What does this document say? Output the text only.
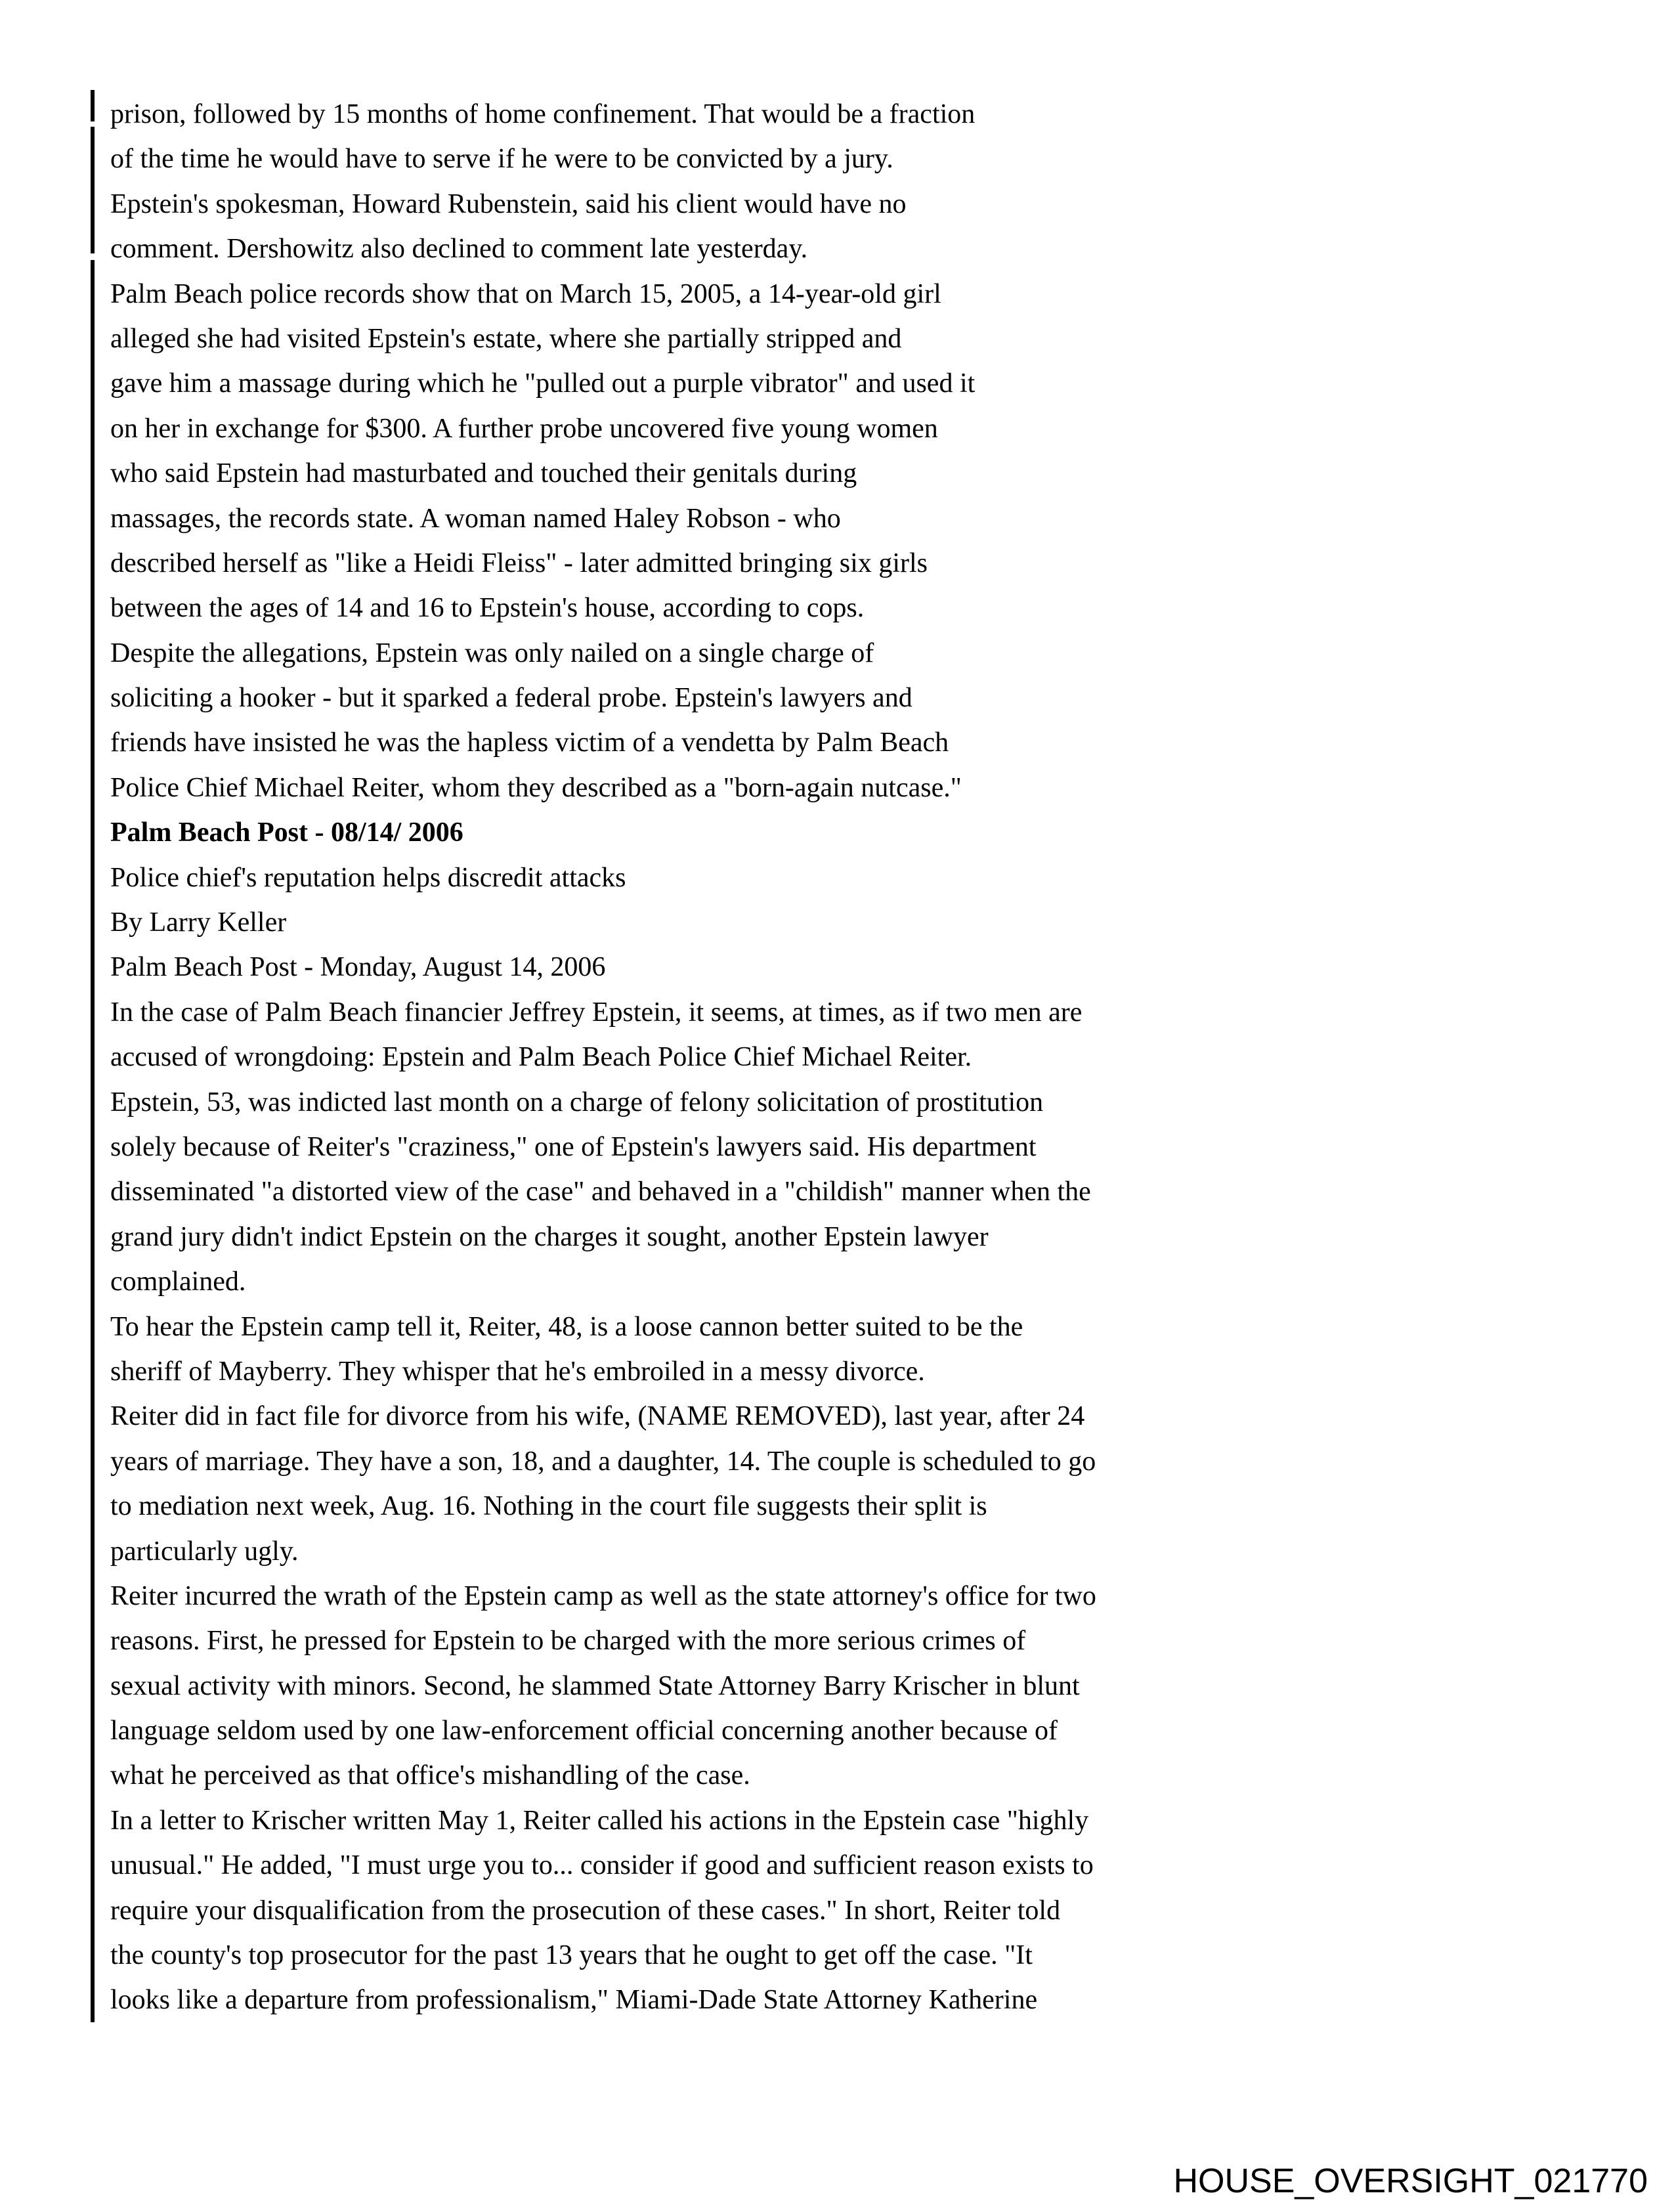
prison, followed by 15 months of home confinement. That would be a fraction
of the time he would have to serve if he were to be convicted by a jury.
Epstein's spokesman, Howard Rubenstein, said his client would have no
comment. Dershowitz also declined to comment late yesterday.
Palm Beach police records show that on March 15, 2005, a 14-year-old girl
alleged she had visited Epstein's estate, where she partially stripped and
gave him a massage during which he "pulled out a purple vibrator" and used it
on her in exchange for $300. A further probe uncovered five young women
who said Epstein had masturbated and touched their genitals during
massages, the records state. A woman named Haley Robson - who
described herself as "like a Heidi Fleiss" - later admitted bringing six girls
between the ages of 14 and 16 to Epstein's house, according to cops.
Despite the allegations, Epstein was only nailed on a single charge of
soliciting a hooker - but it sparked a federal probe. Epstein's lawyers and
friends have insisted he was the hapless victim of a vendetta by Palm Beach
Police Chief Michael Reiter, whom they described as a "born-again nutcase."
Palm Beach Post - 08/14/ 2006
Police chief's reputation helps discredit attacks
By Larry Keller
Palm Beach Post - Monday, August 14, 2006
In the case of Palm Beach financier Jeffrey Epstein, it seems, at times, as if two men are
accused of wrongdoing: Epstein and Palm Beach Police Chief Michael Reiter.
Epstein, 53, was indicted last month on a charge of felony solicitation of prostitution
solely because of Reiter's "craziness," one of Epstein's lawyers said. His department
disseminated "a distorted view of the case" and behaved in a "childish" manner when the
grand jury didn't indict Epstein on the charges it sought, another Epstein lawyer
complained.
To hear the Epstein camp tell it, Reiter, 48, is a loose cannon better suited to be the
sheriff of Mayberry. They whisper that he's embroiled in a messy divorce.
Reiter did in fact file for divorce from his wife, (NAME REMOVED), last year, after 24
years of marriage. They have a son, 18, and a daughter, 14. The couple is scheduled to go
to mediation next week, Aug. 16. Nothing in the court file suggests their split is
particularly ugly.
Reiter incurred the wrath of the Epstein camp as well as the state attorney's office for two
reasons. First, he pressed for Epstein to be charged with the more serious crimes of
sexual activity with minors. Second, he slammed State Attorney Barry Krischer in blunt
language seldom used by one law-enforcement official concerning another because of
what he perceived as that office's mishandling of the case.
In a letter to Krischer written May 1, Reiter called his actions in the Epstein case "highly
unusual." He added, "I must urge you to... consider if good and sufficient reason exists to
require your disqualification from the prosecution of these cases." In short, Reiter told
the county's top prosecutor for the past 13 years that he ought to get off the case. "It
looks like a departure from professionalism," Miami-Dade State Attorney Katherine
HOUSE_OVERSIGHT_021770
